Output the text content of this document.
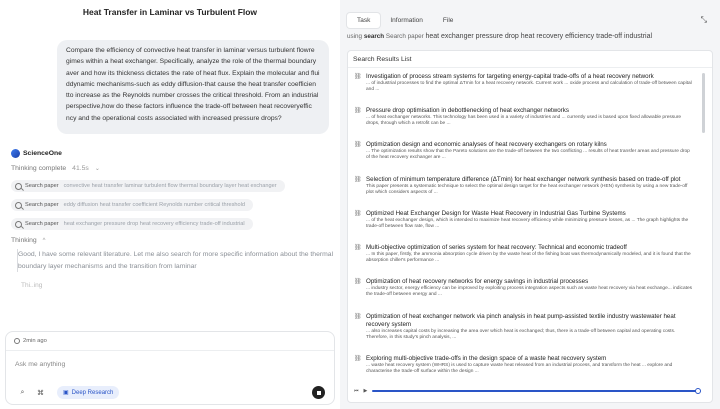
Heat Transfer in Laminar vs Turbulent Flow
Compare the efficiency of convective heat transfer in laminar versus turbulent flowre gimes within a heat exchanger. Specifically, analyze the role of the thermal boundary aver and how its thickness dictates the rate of heat flux. Explain the molecular and flui ddynamic mechanisms-such as eddy diffusion-that cause the heat transfer coefficien tto increase as the Reynolds number crosses the critical threshold. From an industrial perspective,how do these factors influence the trade-off between heat recoveryeffic ncy and the operational costs associated with increased pressure drops?
ScienceOne
Thinking complete 41.5s ⌄
Search paper convective heat transfer laminar turbulent flow thermal boundary layer heat exchanger
Search paper eddy diffusion heat transfer coefficient Reynolds number critical threshold
Search paper heat exchanger pressure drop heat recovery efficiency trade-off industrial
Thinking ^
Good, I have some relevant literature. Let me also search for more specific information about the thermal boundary layer mechanisms and the transition from laminar
Thi..ing
2min ago
Ask me anything
⌕ ⌘	▣ Deep Research
Task	Information	File	⤡
using search Search paper heat exchanger pressure drop heat recovery efficiency trade-off industrial
Search Results List
⛓ Investigation of process stream systems for targeting energy-capital trade-offs of a heat recovery network
... of industrial processes to find the optimal ΔTmin for a heat recovery network. Current work ... oxide process and calculation of trade-off between capital and ...
⛓ Pressure drop optimisation in debottlenecking of heat exchanger networks
... of heat exchanger networks. This technology has been used in a variety of industries and ... currently used is based upon fixed allowable pressure drops, through which a retrofit can be ...
⛓ Optimization design and economic analyses of heat recovery exchangers on rotary kilns
... The optimization results show that the Pareto solutions are the trade-off between the two conflicting ... results of heat transfer areas and pressure drop of the heat recovery exchanger are ...
⛓ Selection of minimum temperature difference (ΔTmin) for heat exchanger network synthesis based on trade-off plot
This paper presents a systematic technique to select the optimal design target for the heat exchanger network (HEN) synthesis by using a new trade-off plot which considers aspects of ...
⛓ Optimized Heat Exchanger Design for Waste Heat Recovery in Industrial Gas Turbine Systems
... of the heat exchanger design, which is intended to maximize heat recovery efficiency while minimizing pressure losses, as ... The graph highlights the trade-off between flow rate, flow ...
⛓ Multi-objective optimization of series system for heat recovery: Technical and economic tradeoff
... In this paper, firstly, the ammonia absorption cycle driven by the waste heat of the fishing boat was thermodynamically modeled, and it is found that the absorption chiller's performance ...
⛓ Optimization of heat recovery networks for energy savings in industrial processes
... industry sector, energy efficiency can be improved by exploiting process integration aspects such as waste heat recovery via heat exchange... indicates the trade-off between energy and ...
⛓ Optimization of heat exchanger network via pinch analysis in heat pump-assisted textile industry wastewater heat recovery system
... also increases capital costs by increasing the area over which heat is exchanged; thus, there is a trade-off between capital and operating costs. Therefore, in this study's pinch analysis, ...
⛓ Exploring multi-objective trade-offs in the design space of a waste heat recovery system
... waste heat recovery system (WHRS) is used to capture waste heat released from an industrial process, and transform the heat ... explore and characterise the trade-off surface within the design ...
⏮ ▶
